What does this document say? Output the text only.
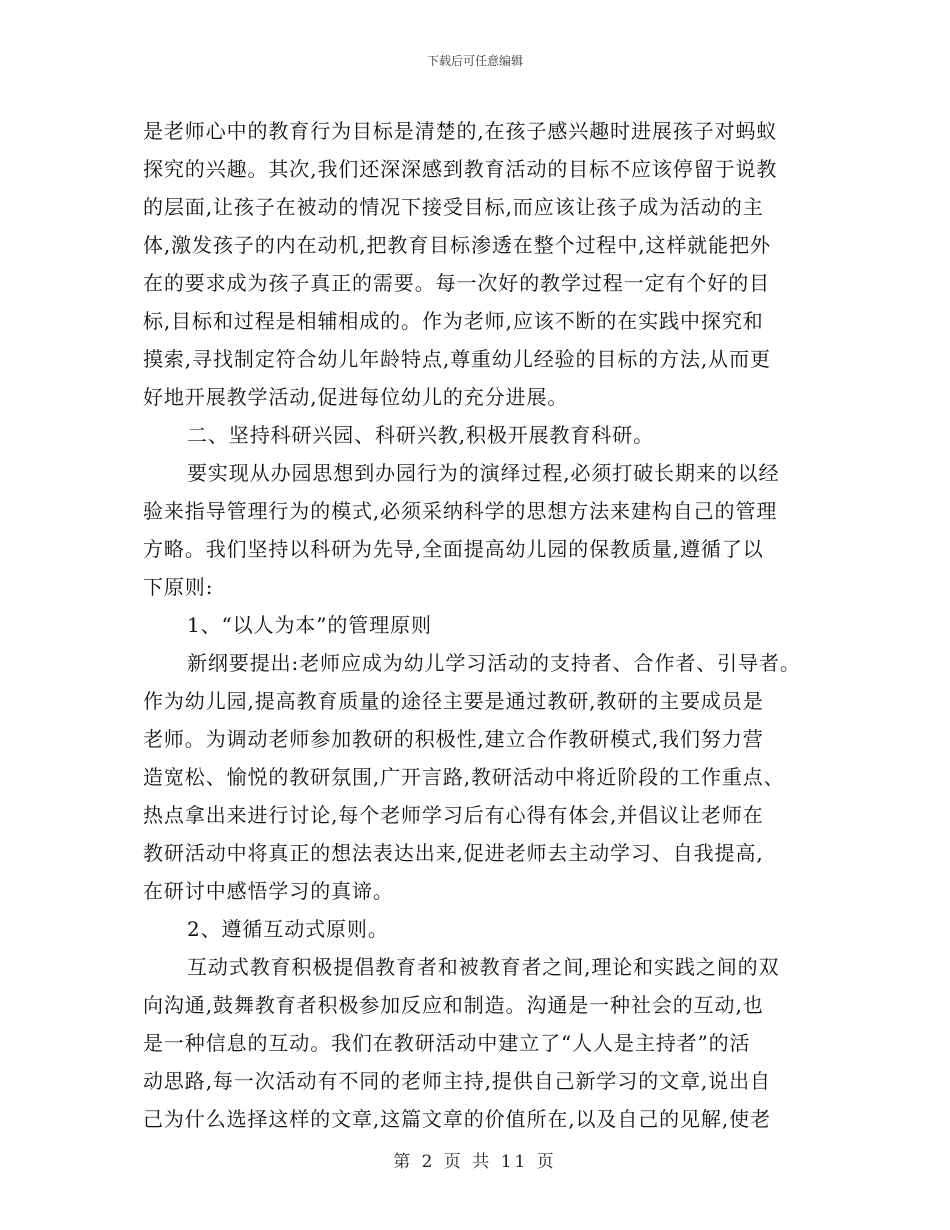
下载后可任意编辑
是老师心中的教育行为目标是清楚的,在孩子感兴趣时进展孩子对蚂蚁
探究的兴趣。其次,我们还深深感到教育活动的目标不应该停留于说教
的层面,让孩子在被动的情况下接受目标,而应该让孩子成为活动的主
体,激发孩子的内在动机,把教育目标渗透在整个过程中,这样就能把外
在的要求成为孩子真正的需要。每一次好的教学过程一定有个好的目
标,目标和过程是相辅相成的。作为老师,应该不断的在实践中探究和
摸索,寻找制定符合幼儿年龄特点,尊重幼儿经验的目标的方法,从而更
好地开展教学活动,促进每位幼儿的充分进展。
二、坚持科研兴园、科研兴教,积极开展教育科研。
要实现从办园思想到办园行为的演绎过程,必须打破长期来的以经
验来指导管理行为的模式,必须采纳科学的思想方法来建构自己的管理
方略。我们坚持以科研为先导,全面提高幼儿园的保教质量,遵循了以
下原则:
1、“以人为本”的管理原则
新纲要提出:老师应成为幼儿学习活动的支持者、合作者、引导者。
作为幼儿园,提高教育质量的途径主要是通过教研,教研的主要成员是
老师。为调动老师参加教研的积极性,建立合作教研模式,我们努力营
造宽松、愉悦的教研氛围,广开言路,教研活动中将近阶段的工作重点、
热点拿出来进行讨论,每个老师学习后有心得有体会,并倡议让老师在
教研活动中将真正的想法表达出来,促进老师去主动学习、自我提高,
在研讨中感悟学习的真谛。
2、遵循互动式原则。
互动式教育积极提倡教育者和被教育者之间,理论和实践之间的双
向沟通,鼓舞教育者积极参加反应和制造。沟通是一种社会的互动,也
是一种信息的互动。我们在教研活动中建立了“人人是主持者”的活
动思路,每一次活动有不同的老师主持,提供自己新学习的文章,说出自
己为什么选择这样的文章,这篇文章的价值所在,以及自己的见解,使老
第 2 页 共 11 页
